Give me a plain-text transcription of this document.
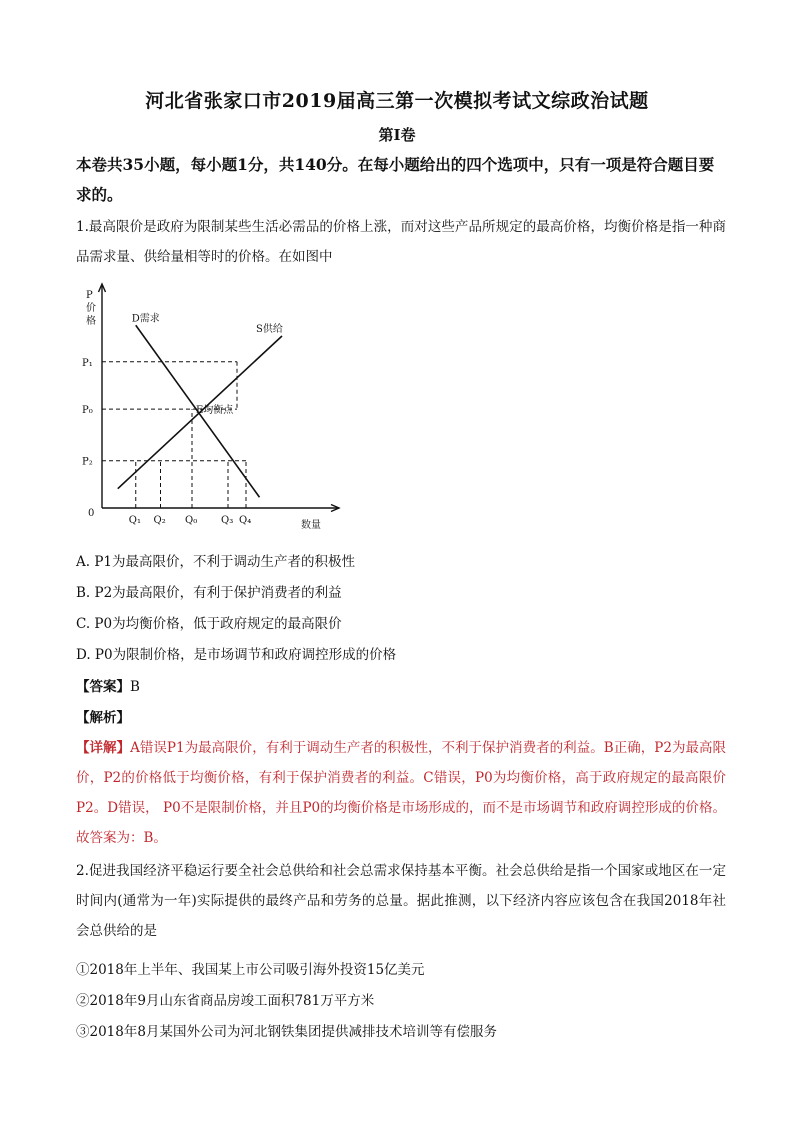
河北省张家口市2019届高三第一次模拟考试文综政治试题
第Ⅰ卷
本卷共35小题，每小题1分，共140分。在每小题给出的四个选项中，只有一项是符合题目要求的。
1.最高限价是政府为限制某些生活必需品的价格上涨，而对这些产品所规定的最高价格，均衡价格是指一种商品需求量、供给量相等时的价格。在如图中
P
价
格
0
数量
D需求
S供给
P₁
P₀
P₂
Q₁ Q₂ Q₀ Q₃ Q₄
E均衡点
A. P1为最高限价，不利于调动生产者的积极性
B. P2为最高限价，有利于保护消费者的利益
C. P0为均衡价格，低于政府规定的最高限价
D. P0为限制价格，是市场调节和政府调控形成的价格
【答案】B
【解析】
【详解】A错误P1为最高限价，有利于调动生产者的积极性，不利于保护消费者的利益。B正确，P2为最高限价，P2的价格低于均衡价格，有利于保护消费者的利益。C错误，P0为均衡价格，高于政府规定的最高限价P2。D错误， P0不是限制价格，并且P0的均衡价格是市场形成的，而不是市场调节和政府调控形成的价格。故答案为：B。
2.促进我国经济平稳运行要全社会总供给和社会总需求保持基本平衡。社会总供给是指一个国家或地区在一定时间内(通常为一年)实际提供的最终产品和劳务的总量。据此推测，以下经济内容应该包含在我国2018年社会总供给的是
①2018年上半年、我国某上市公司吸引海外投资15亿美元
②2018年9月山东省商品房竣工面积781万平方米
③2018年8月某国外公司为河北钢铁集团提供减排技术培训等有偿服务
